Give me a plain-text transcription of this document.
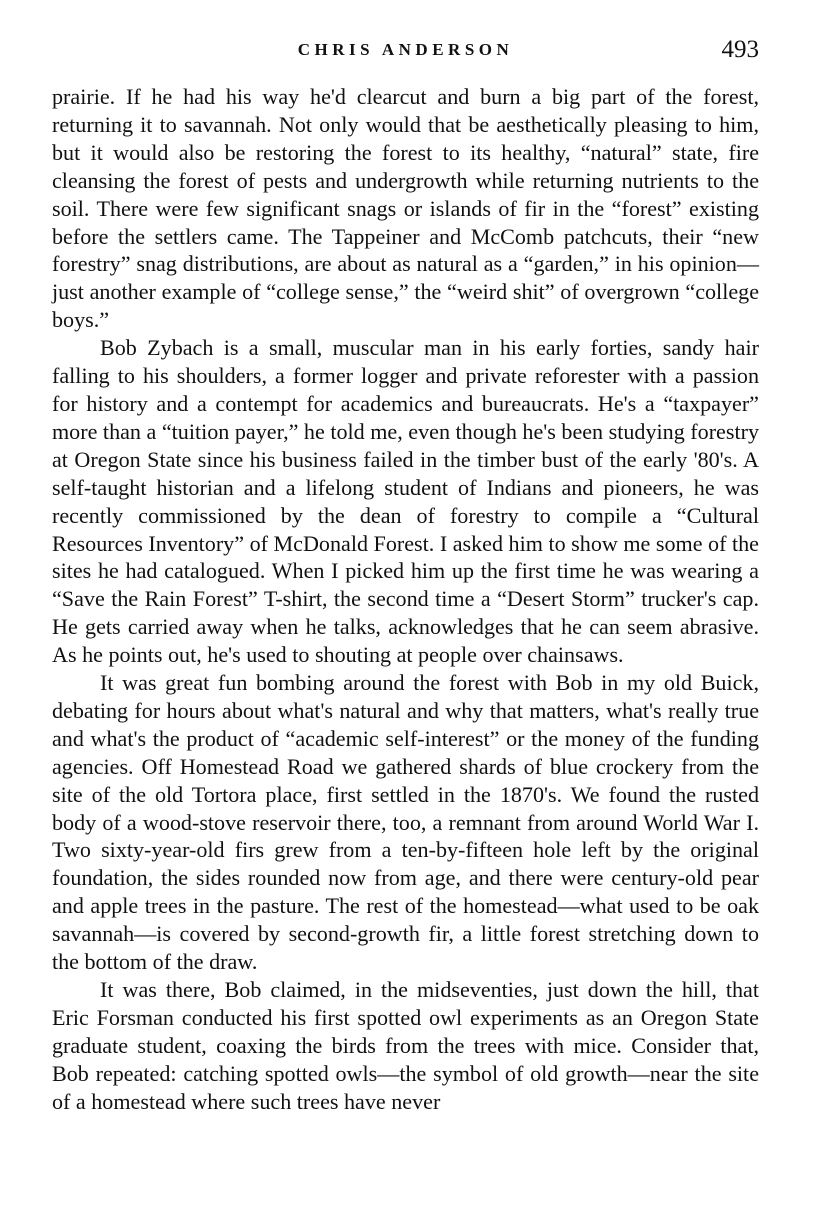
CHRIS ANDERSON	493

prairie. If he had his way he'd clearcut and burn a big part of the forest, returning it to savannah. Not only would that be aesthetically pleasing to him, but it would also be restoring the forest to its healthy, “natural” state, fire cleansing the forest of pests and undergrowth while returning nutrients to the soil. There were few significant snags or islands of fir in the “forest” existing before the settlers came. The Tappeiner and McComb patchcuts, their “new forestry” snag distributions, are about as natural as a “garden,” in his opinion—just another example of “college sense,” the “weird shit” of overgrown “college boys.”

Bob Zybach is a small, muscular man in his early forties, sandy hair falling to his shoulders, a former logger and private reforester with a passion for history and a contempt for academics and bureaucrats. He's a “taxpayer” more than a “tuition payer,” he told me, even though he's been studying forestry at Oregon State since his business failed in the timber bust of the early '80's. A self-taught historian and a lifelong student of Indians and pioneers, he was recently commissioned by the dean of forestry to compile a “Cultural Resources Inventory” of McDonald Forest. I asked him to show me some of the sites he had catalogued. When I picked him up the first time he was wearing a “Save the Rain Forest” T-shirt, the second time a “Desert Storm” trucker's cap. He gets carried away when he talks, acknowledges that he can seem abrasive. As he points out, he's used to shouting at people over chainsaws.

It was great fun bombing around the forest with Bob in my old Buick, debating for hours about what's natural and why that matters, what's really true and what's the product of “academic self-interest” or the money of the funding agencies. Off Homestead Road we gathered shards of blue crockery from the site of the old Tortora place, first settled in the 1870's. We found the rusted body of a wood-stove reservoir there, too, a remnant from around World War I. Two sixty-year-old firs grew from a ten-by-fifteen hole left by the original foundation, the sides rounded now from age, and there were century-old pear and apple trees in the pasture. The rest of the homestead—what used to be oak savannah—is covered by second-growth fir, a little forest stretching down to the bottom of the draw.

It was there, Bob claimed, in the midseventies, just down the hill, that Eric Forsman conducted his first spotted owl experiments as an Oregon State graduate student, coaxing the birds from the trees with mice. Consider that, Bob repeated: catching spotted owls—the symbol of old growth—near the site of a homestead where such trees have never
